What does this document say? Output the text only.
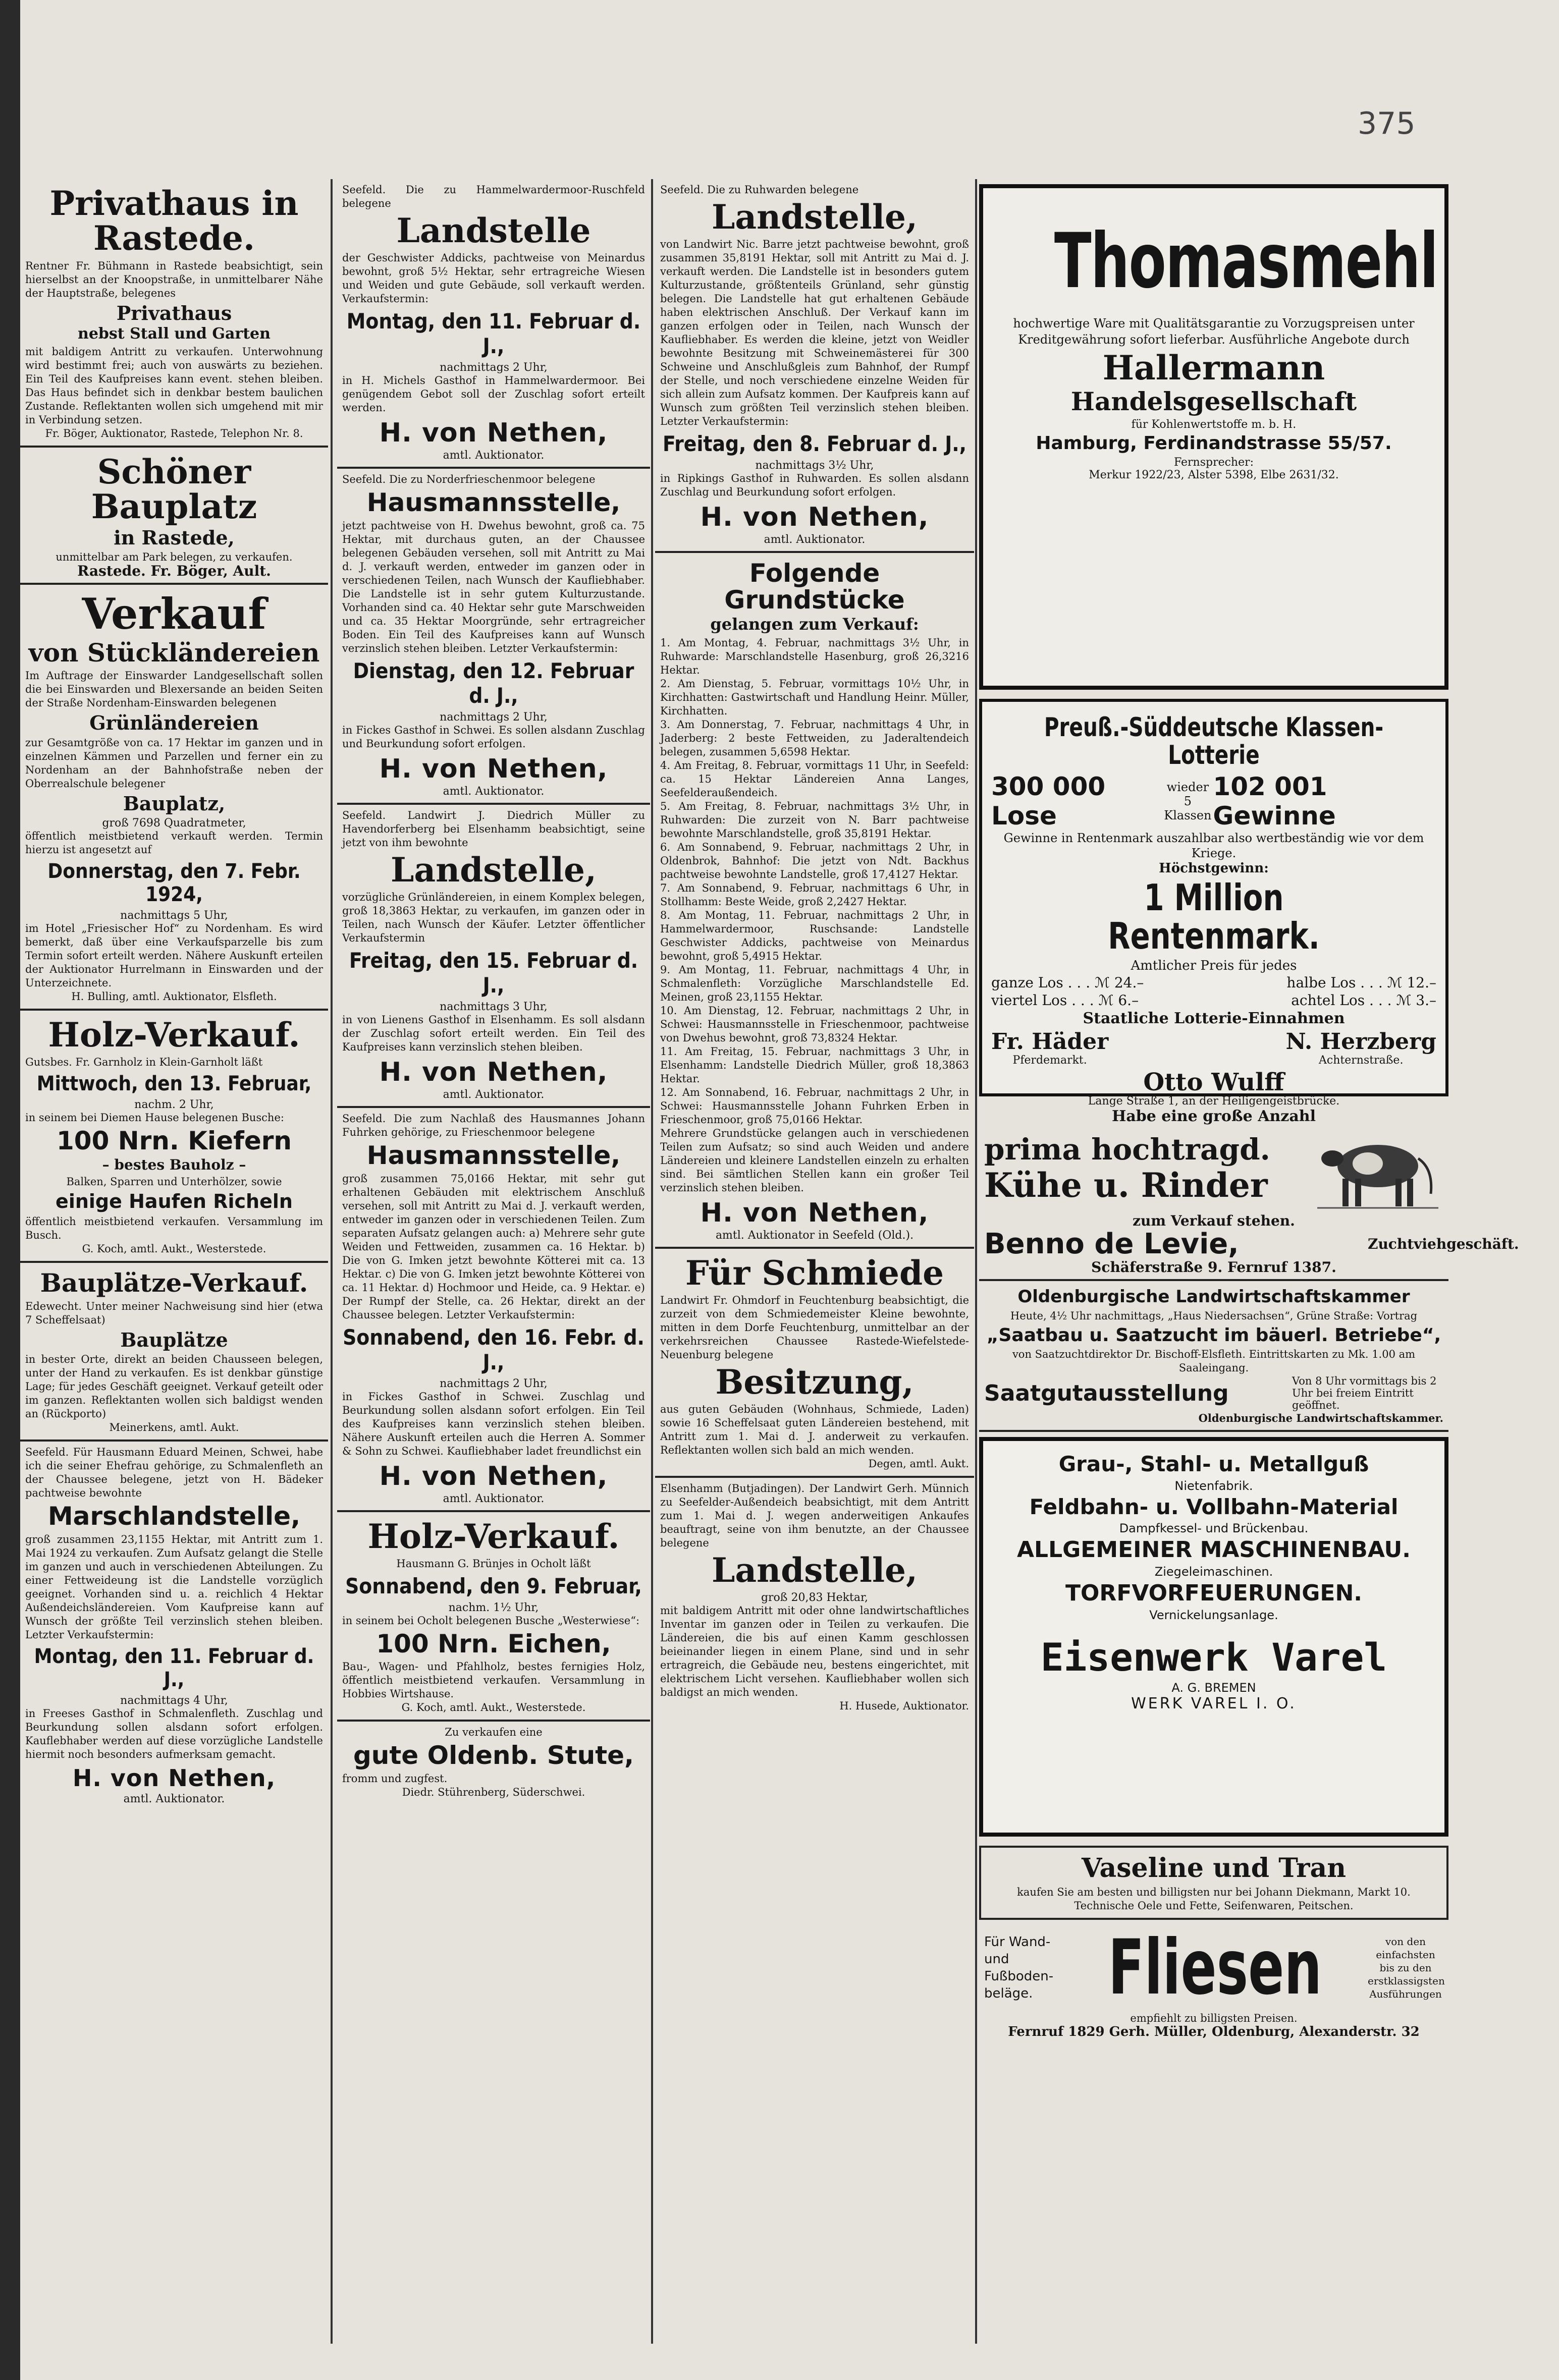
375
Privathaus in Rastede.

Rentner Fr. Bühmann in Rastede beabsichtigt, sein hierselbst an der Knoopstraße, in unmittelbarer Nähe der Hauptstraße, belegenes

Privathaus
nebst Stall und Garten

mit baldigem Antritt zu verkaufen. Unterwohnung wird bestimmt frei; auch von auswärts zu beziehen. Ein Teil des Kaufpreises kann event. stehen bleiben. Das Haus befindet sich in denkbar bestem baulichen Zustande. Reflektanten wollen sich umgehend mit mir in Verbindung setzen.

Fr. Böger, Auktionator, Rastede, Telephon Nr. 8.

Schöner Bauplatz
in Rastede,

unmittelbar am Park belegen, zu verkaufen.

Rastede. Fr. Böger, Ault.

Verkauf
von Stückländereien

Im Auftrage der Einswarder Landgesellschaft sollen die bei Einswarden und Blexersande an beiden Seiten der Straße Nordenham-Einswarden belegenen

Grünländereien

zur Gesamtgröße von ca. 17 Hektar im ganzen und in einzelnen Kämmen und Parzellen und ferner ein zu Nordenham an der Bahnhofstraße neben der Oberrealschule belegener

Bauplatz,

groß 7698 Quadratmeter,

öffentlich meistbietend verkauft werden. Termin hierzu ist angesetzt auf

Donnerstag, den 7. Febr. 1924,

nachmittags 5 Uhr,

im Hotel „Friesischer Hof“ zu Nordenham. Es wird bemerkt, daß über eine Verkaufsparzelle bis zum Termin sofort erteilt werden. Nähere Auskunft erteilen der Auktionator Hurrelmann in Einswarden und der Unterzeichnete.

H. Bulling, amtl. Auktionator, Elsfleth.

Holz-Verkauf.

Gutsbes. Fr. Garnholz in Klein-Garnholt läßt

Mittwoch, den 13. Februar,

nachm. 2 Uhr,

in seinem bei Diemen Hause belegenen Busche:

100 Nrn. Kiefern
– bestes Bauholz –

Balken, Sparren und Unterhölzer, sowie

einige Haufen Richeln

öffentlich meistbietend verkaufen. Versammlung im Busch.

G. Koch, amtl. Aukt., Westerstede.

Bauplätze-Verkauf.

Edewecht. Unter meiner Nachweisung sind hier (etwa 7 Scheffelsaat)

Bauplätze

in bester Orte, direkt an beiden Chausseen belegen, unter der Hand zu verkaufen. Es ist denkbar günstige Lage; für jedes Geschäft geeignet. Verkauf geteilt oder im ganzen. Reflektanten wollen sich baldigst wenden an (Rückporto)

Meinerkens, amtl. Aukt.

Seefeld. Für Hausmann Eduard Meinen, Schwei, habe ich die seiner Ehefrau gehörige, zu Schmalenfleth an der Chaussee belegene, jetzt von H. Bädeker pachtweise bewohnte

Marschlandstelle,

groß zusammen 23,1155 Hektar, mit Antritt zum 1. Mai 1924 zu verkaufen. Zum Aufsatz gelangt die Stelle im ganzen und auch in verschiedenen Abteilungen. Zu einer Fettweideung ist die Landstelle vorzüglich geeignet. Vorhanden sind u. a. reichlich 4 Hektar Außendeichsländereien. Vom Kaufpreise kann auf Wunsch der größte Teil verzinslich stehen bleiben. Letzter Verkaufstermin:

Montag, den 11. Februar d. J.,

nachmittags 4 Uhr,

in Freeses Gasthof in Schmalenfleth. Zuschlag und Beurkundung sollen alsdann sofort erfolgen. Kauflebhaber werden auf diese vorzügliche Landstelle hiermit noch besonders aufmerksam gemacht.

H. von Nethen,

amtl. Auktionator.

Seefeld. Die zu Hammelwardermoor-Ruschfeld belegene

Landstelle

der Geschwister Addicks, pachtweise von Meinardus bewohnt, groß 5½ Hektar, sehr ertragreiche Wiesen und Weiden und gute Gebäude, soll verkauft werden. Verkaufstermin:

Montag, den 11. Februar d. J.,

nachmittags 2 Uhr,

in H. Michels Gasthof in Hammelwardermoor. Bei genügendem Gebot soll der Zuschlag sofort erteilt werden.

H. von Nethen,

amtl. Auktionator.

Seefeld. Die zu Norderfrieschenmoor belegene

Hausmannsstelle,

jetzt pachtweise von H. Dwehus bewohnt, groß ca. 75 Hektar, mit durchaus guten, an der Chaussee belegenen Gebäuden versehen, soll mit Antritt zu Mai d. J. verkauft werden, entweder im ganzen oder in verschiedenen Teilen, nach Wunsch der Kaufliebhaber. Die Landstelle ist in sehr gutem Kulturzustande. Vorhanden sind ca. 40 Hektar sehr gute Marschweiden und ca. 35 Hektar Moorgründe, sehr ertragreicher Boden. Ein Teil des Kaufpreises kann auf Wunsch verzinslich stehen bleiben. Letzter Verkaufstermin:

Dienstag, den 12. Februar d. J.,

nachmittags 2 Uhr,

in Fickes Gasthof in Schwei. Es sollen alsdann Zuschlag und Beurkundung sofort erfolgen.

H. von Nethen,

amtl. Auktionator.

Seefeld. Landwirt J. Diedrich Müller zu Havendorferberg bei Elsenhamm beabsichtigt, seine jetzt von ihm bewohnte

Landstelle,

vorzügliche Grünländereien, in einem Komplex belegen, groß 18,3863 Hektar, zu verkaufen, im ganzen oder in Teilen, nach Wunsch der Käufer. Letzter öffentlicher Verkaufstermin

Freitag, den 15. Februar d. J.,

nachmittags 3 Uhr,

in von Lienens Gasthof in Elsenhamm. Es soll alsdann der Zuschlag sofort erteilt werden. Ein Teil des Kaufpreises kann verzinslich stehen bleiben.

H. von Nethen,

amtl. Auktionator.

Seefeld. Die zum Nachlaß des Hausmannes Johann Fuhrken gehörige, zu Frieschenmoor belegene

Hausmannsstelle,

groß zusammen 75,0166 Hektar, mit sehr gut erhaltenen Gebäuden mit elektrischem Anschluß versehen, soll mit Antritt zu Mai d. J. verkauft werden, entweder im ganzen oder in verschiedenen Teilen. Zum separaten Aufsatz gelangen auch: a) Mehrere sehr gute Weiden und Fettweiden, zusammen ca. 16 Hektar. b) Die von G. Imken jetzt bewohnte Kötterei mit ca. 13 Hektar. c) Die von G. Imken jetzt bewohnte Kötterei von ca. 11 Hektar. d) Hochmoor und Heide, ca. 9 Hektar. e) Der Rumpf der Stelle, ca. 26 Hektar, direkt an der Chaussee belegen. Letzter Verkaufstermin:

Sonnabend, den 16. Febr. d. J.,

nachmittags 2 Uhr,

in Fickes Gasthof in Schwei. Zuschlag und Beurkundung sollen alsdann sofort erfolgen. Ein Teil des Kaufpreises kann verzinslich stehen bleiben. Nähere Auskunft erteilen auch die Herren A. Sommer & Sohn zu Schwei. Kaufliebhaber ladet freundlichst ein

H. von Nethen,

amtl. Auktionator.

Holz-Verkauf.

Hausmann G. Brünjes in Ocholt läßt

Sonnabend, den 9. Februar,

nachm. 1½ Uhr,

in seinem bei Ocholt belegenen Busche „Westerwiese“:

100 Nrn. Eichen,

Bau-, Wagen- und Pfahlholz, bestes fernigies Holz, öffentlich meistbietend verkaufen. Versammlung in Hobbies Wirtshause.

G. Koch, amtl. Aukt., Westerstede.

Zu verkaufen eine

gute Oldenb. Stute,

fromm und zugfest.

Diedr. Stührenberg, Süderschwei.

Seefeld. Die zu Ruhwarden belegene

Landstelle,

von Landwirt Nic. Barre jetzt pachtweise bewohnt, groß zusammen 35,8191 Hektar, soll mit Antritt zu Mai d. J. verkauft werden. Die Landstelle ist in besonders gutem Kulturzustande, größtenteils Grünland, sehr günstig belegen. Die Landstelle hat gut erhaltenen Gebäude haben elektrischen Anschluß. Der Verkauf kann im ganzen erfolgen oder in Teilen, nach Wunsch der Kaufliebhaber. Es werden die kleine, jetzt von Weidler bewohnte Besitzung mit Schweinemästerei für 300 Schweine und Anschlußgleis zum Bahnhof, der Rumpf der Stelle, und noch verschiedene einzelne Weiden für sich allein zum Aufsatz kommen. Der Kaufpreis kann auf Wunsch zum größten Teil verzinslich stehen bleiben. Letzter Verkaufstermin:

Freitag, den 8. Februar d. J.,

nachmittags 3½ Uhr,

in Ripkings Gasthof in Ruhwarden. Es sollen alsdann Zuschlag und Beurkundung sofort erfolgen.

H. von Nethen,

amtl. Auktionator.

Folgende Grundstücke
gelangen zum Verkauf:

1. Am Montag, 4. Februar, nachmittags 3½ Uhr, in Ruhwarde: Marschlandstelle Hasenburg, groß 26,3216 Hektar.

2. Am Dienstag, 5. Februar, vormittags 10½ Uhr, in Kirchhatten: Gastwirtschaft und Handlung Heinr. Müller, Kirchhatten.

3. Am Donnerstag, 7. Februar, nachmittags 4 Uhr, in Jaderberg: 2 beste Fettweiden, zu Jaderaltendeich belegen, zusammen 5,6598 Hektar.

4. Am Freitag, 8. Februar, vormittags 11 Uhr, in Seefeld: ca. 15 Hektar Ländereien Anna Langes, Seefelderaußendeich.

5. Am Freitag, 8. Februar, nachmittags 3½ Uhr, in Ruhwarden: Die zurzeit von N. Barr pachtweise bewohnte Marschlandstelle, groß 35,8191 Hektar.

6. Am Sonnabend, 9. Februar, nachmittags 2 Uhr, in Oldenbrok, Bahnhof: Die jetzt von Ndt. Backhus pachtweise bewohnte Landstelle, groß 17,4127 Hektar.

7. Am Sonnabend, 9. Februar, nachmittags 6 Uhr, in Stollhamm: Beste Weide, groß 2,2427 Hektar.

8. Am Montag, 11. Februar, nachmittags 2 Uhr, in Hammelwardermoor, Ruschsande: Landstelle Geschwister Addicks, pachtweise von Meinardus bewohnt, groß 5,4915 Hektar.

9. Am Montag, 11. Februar, nachmittags 4 Uhr, in Schmalenfleth: Vorzügliche Marschlandstelle Ed. Meinen, groß 23,1155 Hektar.

10. Am Dienstag, 12. Februar, nachmittags 2 Uhr, in Schwei: Hausmannsstelle in Frieschenmoor, pachtweise von Dwehus bewohnt, groß 73,8324 Hektar.

11. Am Freitag, 15. Februar, nachmittags 3 Uhr, in Elsenhamm: Landstelle Diedrich Müller, groß 18,3863 Hektar.

12. Am Sonnabend, 16. Februar, nachmittags 2 Uhr, in Schwei: Hausmannsstelle Johann Fuhrken Erben in Frieschenmoor, groß 75,0166 Hektar.

Mehrere Grundstücke gelangen auch in verschiedenen Teilen zum Aufsatz; so sind auch Weiden und andere Ländereien und kleinere Landstellen einzeln zu erhalten sind. Bei sämtlichen Stellen kann ein großer Teil verzinslich stehen bleiben.

H. von Nethen,

amtl. Auktionator in Seefeld (Old.).

Für Schmiede

Landwirt Fr. Ohmdorf in Feuchtenburg beabsichtigt, die zurzeit von dem Schmiedemeister Kleine bewohnte, mitten in dem Dorfe Feuchtenburg, unmittelbar an der verkehrsreichen Chaussee Rastede-Wiefelstede-Neuenburg belegene

Besitzung,

aus guten Gebäuden (Wohnhaus, Schmiede, Laden) sowie 16 Scheffelsaat guten Ländereien bestehend, mit Antritt zum 1. Mai d. J. anderweit zu verkaufen. Reflektanten wollen sich bald an mich wenden.

Degen, amtl. Aukt.

Elsenhamm (Butjadingen). Der Landwirt Gerh. Münnich zu Seefelder-Außendeich beabsichtigt, mit dem Antritt zum 1. Mai d. J. wegen anderweitigen Ankaufes beauftragt, seine von ihm benutzte, an der Chaussee belegene

Landstelle,

groß 20,83 Hektar,

mit baldigem Antritt mit oder ohne landwirtschaftliches Inventar im ganzen oder in Teilen zu verkaufen. Die Ländereien, die bis auf einen Kamm geschlossen beieinander liegen in einem Plane, sind und in sehr ertragreich, die Gebäude neu, bestens eingerichtet, mit elektrischem Licht versehen. Kaufliebhaber wollen sich baldigst an mich wenden.

H. Husede, Auktionator.

Thomasmehl

hochwertige Ware mit Qualitätsgarantie zu Vorzugspreisen unter Kreditgewährung sofort lieferbar. Ausführliche Angebote durch

Hallermann
Handelsgesellschaft

für Kohlenwertstoffe m. b. H.

Hamburg, Ferdinandstrasse 55/57.

Fernsprecher:

Merkur 1922/23, Alster 5398, Elbe 2631/32.

Preuß.-Süddeutsche Klassen-Lotterie
300 000 Lose
wieder 5 Klassen
102 001 Gewinne

Gewinne in Rentenmark auszahlbar also wertbeständig wie vor dem Kriege.

Höchstgewinn:

1 Million Rentenmark.

Amtlicher Preis für jedes

ganze Los . . . ℳ 24.–	halbe Los . . . ℳ 12.–
viertel Los . . . ℳ 6.–	achtel Los . . . ℳ 3.–

Staatliche Lotterie-Einnahmen

Fr. Häder

Pferdemarkt.

N. Herzberg

Achternstraße.

Otto Wulff

Lange Straße 1, an der Heiligengeistbrücke.

Habe eine große Anzahl

prima hochtragd.
Kühe u. Rinder

zum Verkauf stehen.

Benno de Levie,	Zuchtviehgeschäft.

Schäferstraße 9. Fernruf 1387.

Oldenburgische Landwirtschaftskammer

Heute, 4½ Uhr nachmittags, „Haus Niedersachsen“, Grüne Straße: Vortrag

„Saatbau u. Saatzucht im bäuerl. Betriebe“,

von Saatzuchtdirektor Dr. Bischoff-Elsfleth. Eintrittskarten zu Mk. 1.00 am Saaleingang.

Saatgutausstellung	Von 8 Uhr vormittags bis 2 Uhr bei freiem Eintritt geöffnet.

Oldenburgische Landwirtschaftskammer.

Grau-, Stahl- u. Metallguß

Nietenfabrik.

Feldbahn- u. Vollbahn-Material

Dampfkessel- und Brückenbau.

ALLGEMEINER MASCHINENBAU.

Ziegeleimaschinen.

TORFVORFEUERUNGEN.

Vernickelungsanlage.

Eisenwerk Varel

A. G. BREMEN

WERK VAREL I. O.

Vaseline und Tran

kaufen Sie am besten und billigsten nur bei Johann Diekmann, Markt 10. Technische Oele und Fette, Seifenwaren, Peitschen.

Für Wand- und Fußboden-beläge. Fliesen	von den einfachsten bis zu den erstklassigsten Ausführungen

empfiehlt zu billigsten Preisen.

Fernruf 1829 Gerh. Müller, Oldenburg, Alexanderstr. 32
